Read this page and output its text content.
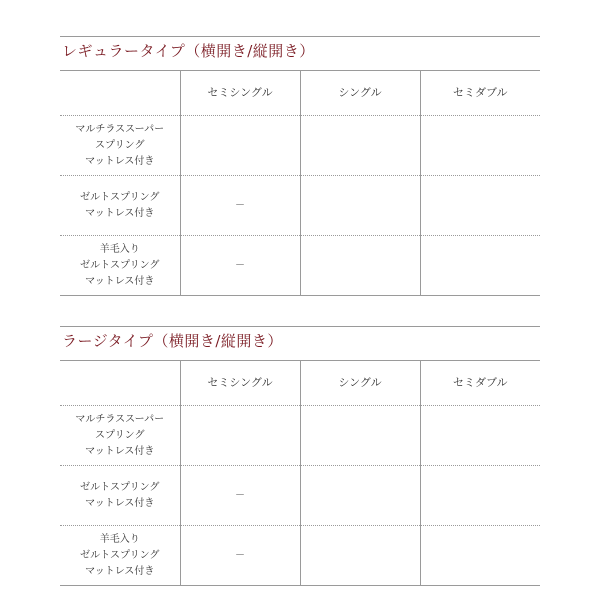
レギュラータイプ（横開き/縦開き）
	セミシングル	シングル	セミダブル

マルチラススーパー
スプリング
マットレス付き			

ゼルトスプリング
マットレス付き	－		

羊毛入り
ゼルトスプリング
マットレス付き	－		
ラージタイプ（横開き/縦開き）
	セミシングル	シングル	セミダブル

マルチラススーパー
スプリング
マットレス付き			

ゼルトスプリング
マットレス付き	－		

羊毛入り
ゼルトスプリング
マットレス付き	－		
